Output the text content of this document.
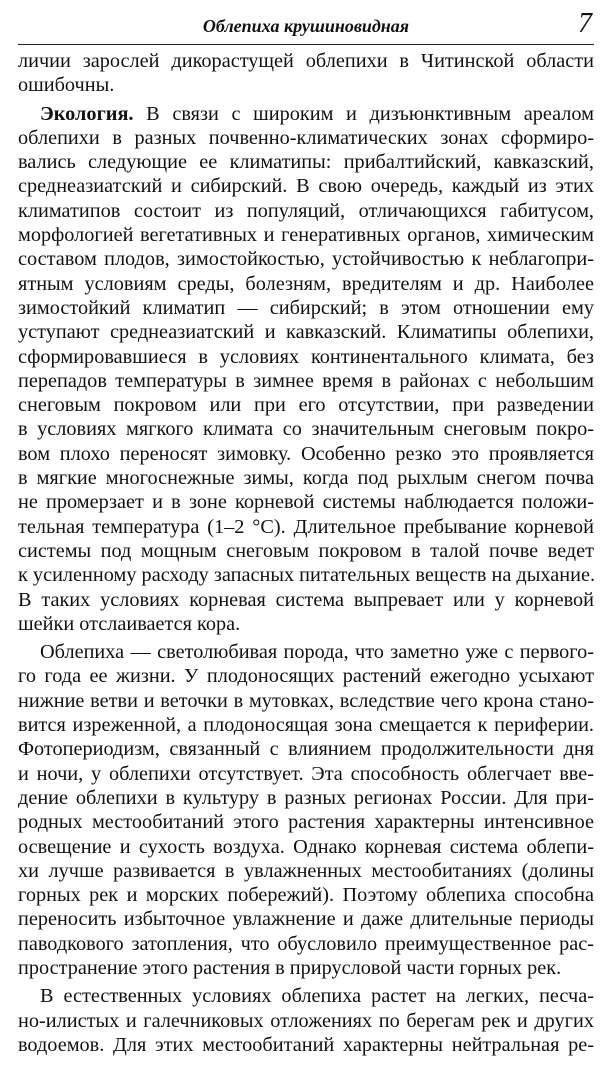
Облепиха крушиновидная	7

личии зарослей дикорастущей облепихи в Читинской области
ошибочны.

Экология. В связи с широким и дизъюнктивным ареалом
облепихи в разных почвенно-климатических зонах сформиро-
вались следующие ее климатипы: прибалтийский, кавказский,
среднеазиатский и сибирский. В свою очередь, каждый из этих
климатипов состоит из популяций, отличающихся габитусом,
морфологией вегетативных и генеративных органов, химическим
составом плодов, зимостойкостью, устойчивостью к неблагопри-
ятным условиям среды, болезням, вредителям и др. Наиболее
зимостойкий климатип — сибирский; в этом отношении ему
уступают среднеазиатский и кавказский. Климатипы облепихи,
сформировавшиеся в условиях континентального климата, без
перепадов температуры в зимнее время в районах с небольшим
снеговым покровом или при его отсутствии, при разведении
в условиях мягкого климата со значительным снеговым покро-
вом плохо переносят зимовку. Особенно резко это проявляется
в мягкие многоснежные зимы, когда под рыхлым снегом почва
не промерзает и в зоне корневой системы наблюдается положи-
тельная температура (1–2 °C). Длительное пребывание корневой
системы под мощным снеговым покровом в талой почве ведет
к усиленному расходу запасных питательных веществ на дыхание.
В таких условиях корневая система выпревает или у корневой
шейки отслаивается кора.

Облепиха — светолюбивая порода, что заметно уже с первого-
го года ее жизни. У плодоносящих растений ежегодно усыхают
нижние ветви и веточки в мутовках, вследствие чего крона стано-
вится изреженной, а плодоносящая зона смещается к периферии.
Фотопериодизм, связанный с влиянием продолжительности дня
и ночи, у облепихи отсутствует. Эта способность облегчает вве-
дение облепихи в культуру в разных регионах России. Для при-
родных местообитаний этого растения характерны интенсивное
освещение и сухость воздуха. Однако корневая система облепи-
хи лучше развивается в увлажненных местообитаниях (долины
горных рек и морских побережий). Поэтому облепиха способна
переносить избыточное увлажнение и даже длительные периоды
паводкового затопления, что обусловило преимущественное рас-
пространение этого растения в прирусловой части горных рек.

В естественных условиях облепиха растет на легких, песча-
но-илистых и галечниковых отложениях по берегам рек и других
водоемов. Для этих местообитаний характерны нейтральная ре-
